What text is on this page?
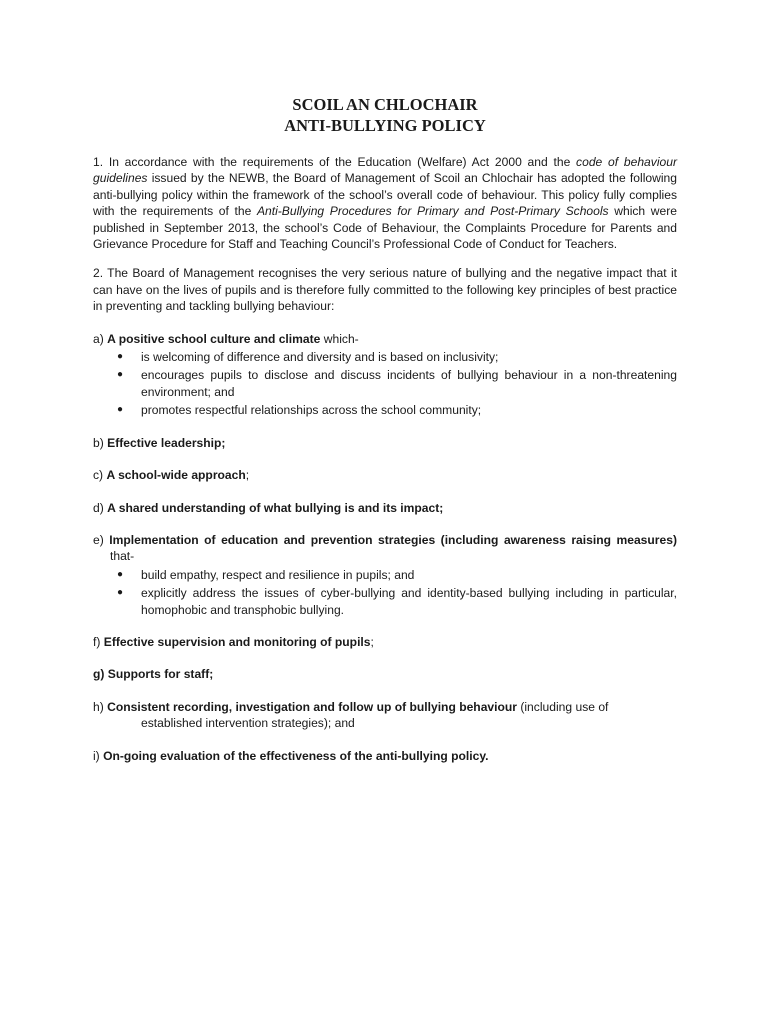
SCOIL AN CHLOCHAIR
ANTI-BULLYING POLICY

1. In accordance with the requirements of the Education (Welfare) Act 2000 and the code of behaviour guidelines issued by the NEWB, the Board of Management of Scoil an Chlochair has adopted the following anti-bullying policy within the framework of the school’s overall code of behaviour. This policy fully complies with the requirements of the Anti-Bullying Procedures for Primary and Post-Primary Schools which were published in September 2013, the school’s Code of Behaviour, the Complaints Procedure for Parents and Grievance Procedure for Staff and Teaching Council’s Professional Code of Conduct for Teachers.

2. The Board of Management recognises the very serious nature of bullying and the negative impact that it can have on the lives of pupils and is therefore fully committed to the following key principles of best practice in preventing and tackling bullying behaviour:

a) A positive school culture and climate which-
● is welcoming of difference and diversity and is based on inclusivity;
● encourages pupils to disclose and discuss incidents of bullying behaviour in a non-threatening environment; and
● promotes respectful relationships across the school community;

b) Effective leadership;

c) A school-wide approach;

d) A shared understanding of what bullying is and its impact;

e) Implementation of education and prevention strategies (including awareness raising measures) that-
● build empathy, respect and resilience in pupils; and
● explicitly address the issues of cyber-bullying and identity-based bullying including in particular, homophobic and transphobic bullying.

f) Effective supervision and monitoring of pupils;

g) Supports for staff;

h) Consistent recording, investigation and follow up of bullying behaviour (including use of
established intervention strategies); and

i) On-going evaluation of the effectiveness of the anti-bullying policy.
